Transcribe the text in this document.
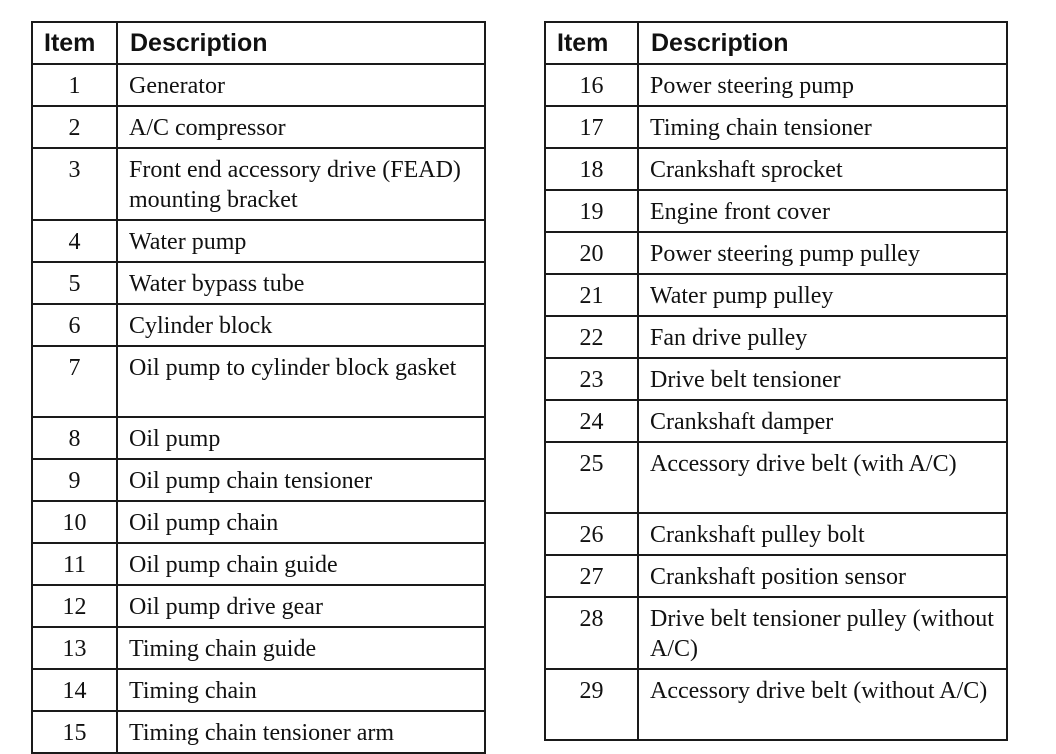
Item	Description
1	Generator
2	A/C compressor
3	Front end accessory drive (FEAD) mounting bracket
4	Water pump
5	Water bypass tube
6	Cylinder block
7	Oil pump to cylinder block gasket
8	Oil pump
9	Oil pump chain tensioner
10	Oil pump chain
11	Oil pump chain guide
12	Oil pump drive gear
13	Timing chain guide
14	Timing chain
15	Timing chain tensioner arm
Item	Description
16	Power steering pump
17	Timing chain tensioner
18	Crankshaft sprocket
19	Engine front cover
20	Power steering pump pulley
21	Water pump pulley
22	Fan drive pulley
23	Drive belt tensioner
24	Crankshaft damper
25	Accessory drive belt (with A/C)
26	Crankshaft pulley bolt
27	Crankshaft position sensor
28	Drive belt tensioner pulley (without A/C)
29	Accessory drive belt (without A/C)
